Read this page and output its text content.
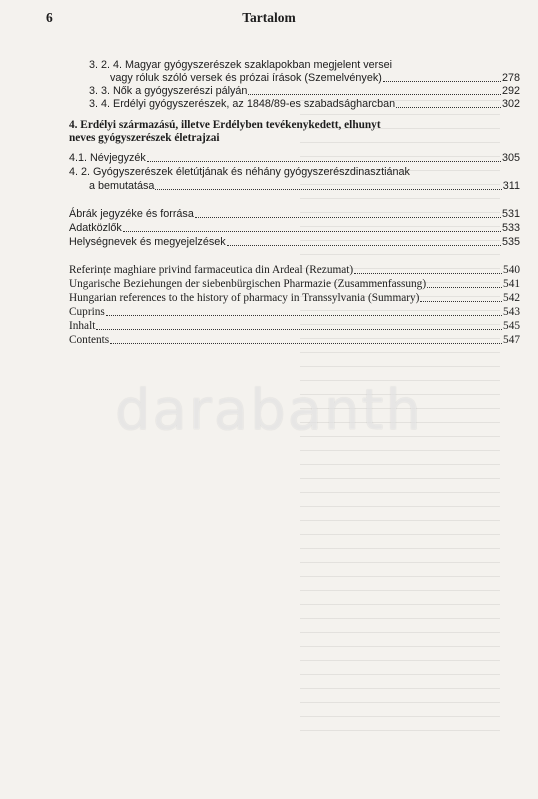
6	Tartalom
3. 2. 4. Magyar gyógyszerészek szaklapokban megjelent versei
vagy róluk szóló versek és prózai írások (Szemelvények)	278
3. 3. Nők a gyógyszerészi pályán	292
3. 4. Erdélyi gyógyszerészek, az 1848/89-es szabadságharcban	302
4. Erdélyi származású, illetve Erdélyben tevékenykedett, elhunyt
neves gyógyszerészek életrajzai
4.1. Névjegyzék	305
4. 2. Gyógyszerészek életútjának és néhány gyógyszerészdinasztiának
a bemutatása	311
Ábrák jegyzéke és forrása	531
Adatközlők	533
Helységnevek és megyejelzések	535
Referințe maghiare privind farmaceutica din Ardeal (Rezumat)	540
Ungarische Beziehungen der siebenbürgischen Pharmazie (Zusammenfassung)	541
Hungarian references to the history of pharmacy in Transsylvania (Summary)	542
Cuprins	543
Inhalt	545
Contents	547
darabanth
